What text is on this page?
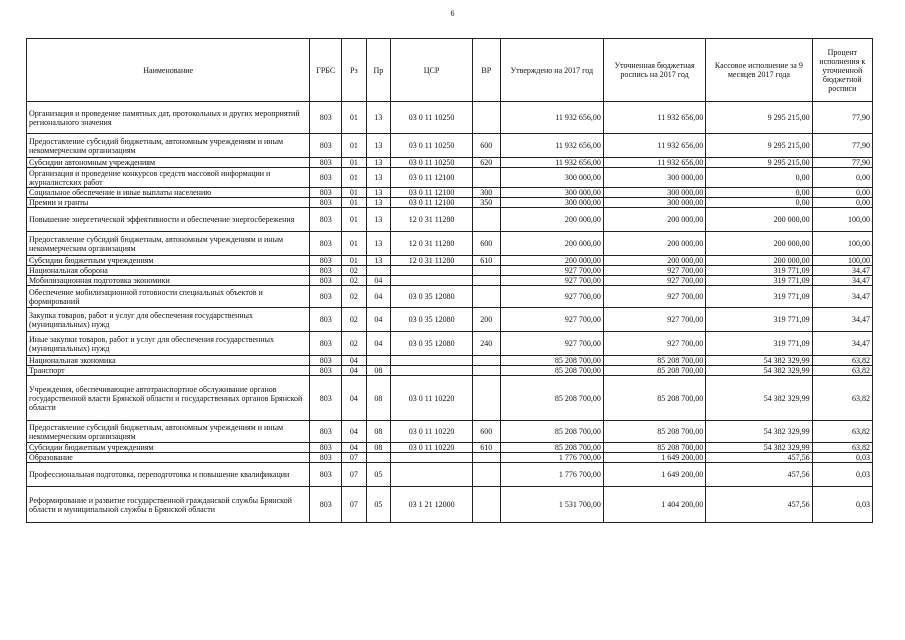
6
Наименование	ГРБС	Рз	Пр	ЦСР	ВР	Утверждено на 2017 год	Уточненная бюджетная роспись на 2017 год	Кассовое исполнение за 9 месяцев 2017 года	Процент исполнения к уточненной бюджетной росписи
Организация и проведение памятных дат, протокольных и других мероприятий регионального значения	803	01	13	03 0 11 10250		11 932 656,00	11 932 656,00	9 295 215,00	77,90
Предоставление субсидий бюджетным, автономным учреждениям и иным некоммерческим организациям	803	01	13	03 0 11 10250	600	11 932 656,00	11 932 656,00	9 295 215,00	77,90
Субсидии автономным учреждениям	803	01	13	03 0 11 10250	620	11 932 656,00	11 932 656,00	9 295 215,00	77,90
Организация и проведение конкурсов средств массовой информации и журналистских работ	803	01	13	03 0 11 12100		300 000,00	300 000,00	0,00	0,00
Социальное обеспечение и иные выплаты населению	803	01	13	03 0 11 12100	300	300 000,00	300 000,00	0,00	0,00
Премии и гранты	803	01	13	03 0 11 12100	350	300 000,00	300 000,00	0,00	0,00
Повышение энергетической эффективности и обеспечение энергосбережения	803	01	13	12 0 31 11280		200 000,00	200 000,00	200 000,00	100,00
Предоставление субсидий бюджетным, автономным учреждениям и иным некоммерческим организациям	803	01	13	12 0 31 11280	600	200 000,00	200 000,00	200 000,00	100,00
Субсидии бюджетным учреждениям	803	01	13	12 0 31 11280	610	200 000,00	200 000,00	200 000,00	100,00
Национальная оборона	803	02				927 700,00	927 700,00	319 771,09	34,47
Мобилизационная подготовка экономики	803	02	04			927 700,00	927 700,00	319 771,09	34,47
Обеспечение мобилизационной готовности специальных объектов и формирований	803	02	04	03 0 35 12080		927 700,00	927 700,00	319 771,09	34,47
Закупка товаров, работ и услуг для обеспечения государственных (муниципальных) нужд	803	02	04	03 0 35 12080	200	927 700,00	927 700,00	319 771,09	34,47
Иные закупки товаров, работ и услуг для обеспечения государственных (муниципальных) нужд	803	02	04	03 0 35 12080	240	927 700,00	927 700,00	319 771,09	34,47
Национальная экономика	803	04				85 208 700,00	85 208 700,00	54 382 329,99	63,82
Транспорт	803	04	08			85 208 700,00	85 208 700,00	54 382 329,99	63,82
Учреждения, обеспечивающие автотранспортное обслуживание органов государственной власти Брянской области и государственных органов Брянской области	803	04	08	03 0 11 10220		85 208 700,00	85 208 700,00	54 382 329,99	63,82
Предоставление субсидий бюджетным, автономным учреждениям и иным некоммерческим организациям	803	04	08	03 0 11 10220	600	85 208 700,00	85 208 700,00	54 382 329,99	63,82
Субсидии бюджетным учреждениям	803	04	08	03 0 11 10220	610	85 208 700,00	85 208 700,00	54 382 329,99	63,82
Образование	803	07				1 776 700,00	1 649 200,00	457,56	0,03
Профессиональная подготовка, переподготовка и повышение квалификации	803	07	05			1 776 700,00	1 649 200,00	457,56	0,03
Реформирование и развитие государственной гражданской службы Брянской области и муниципальной службы в Брянской области	803	07	05	03 1 21 12000		1 531 700,00	1 404 200,00	457,56	0,03
